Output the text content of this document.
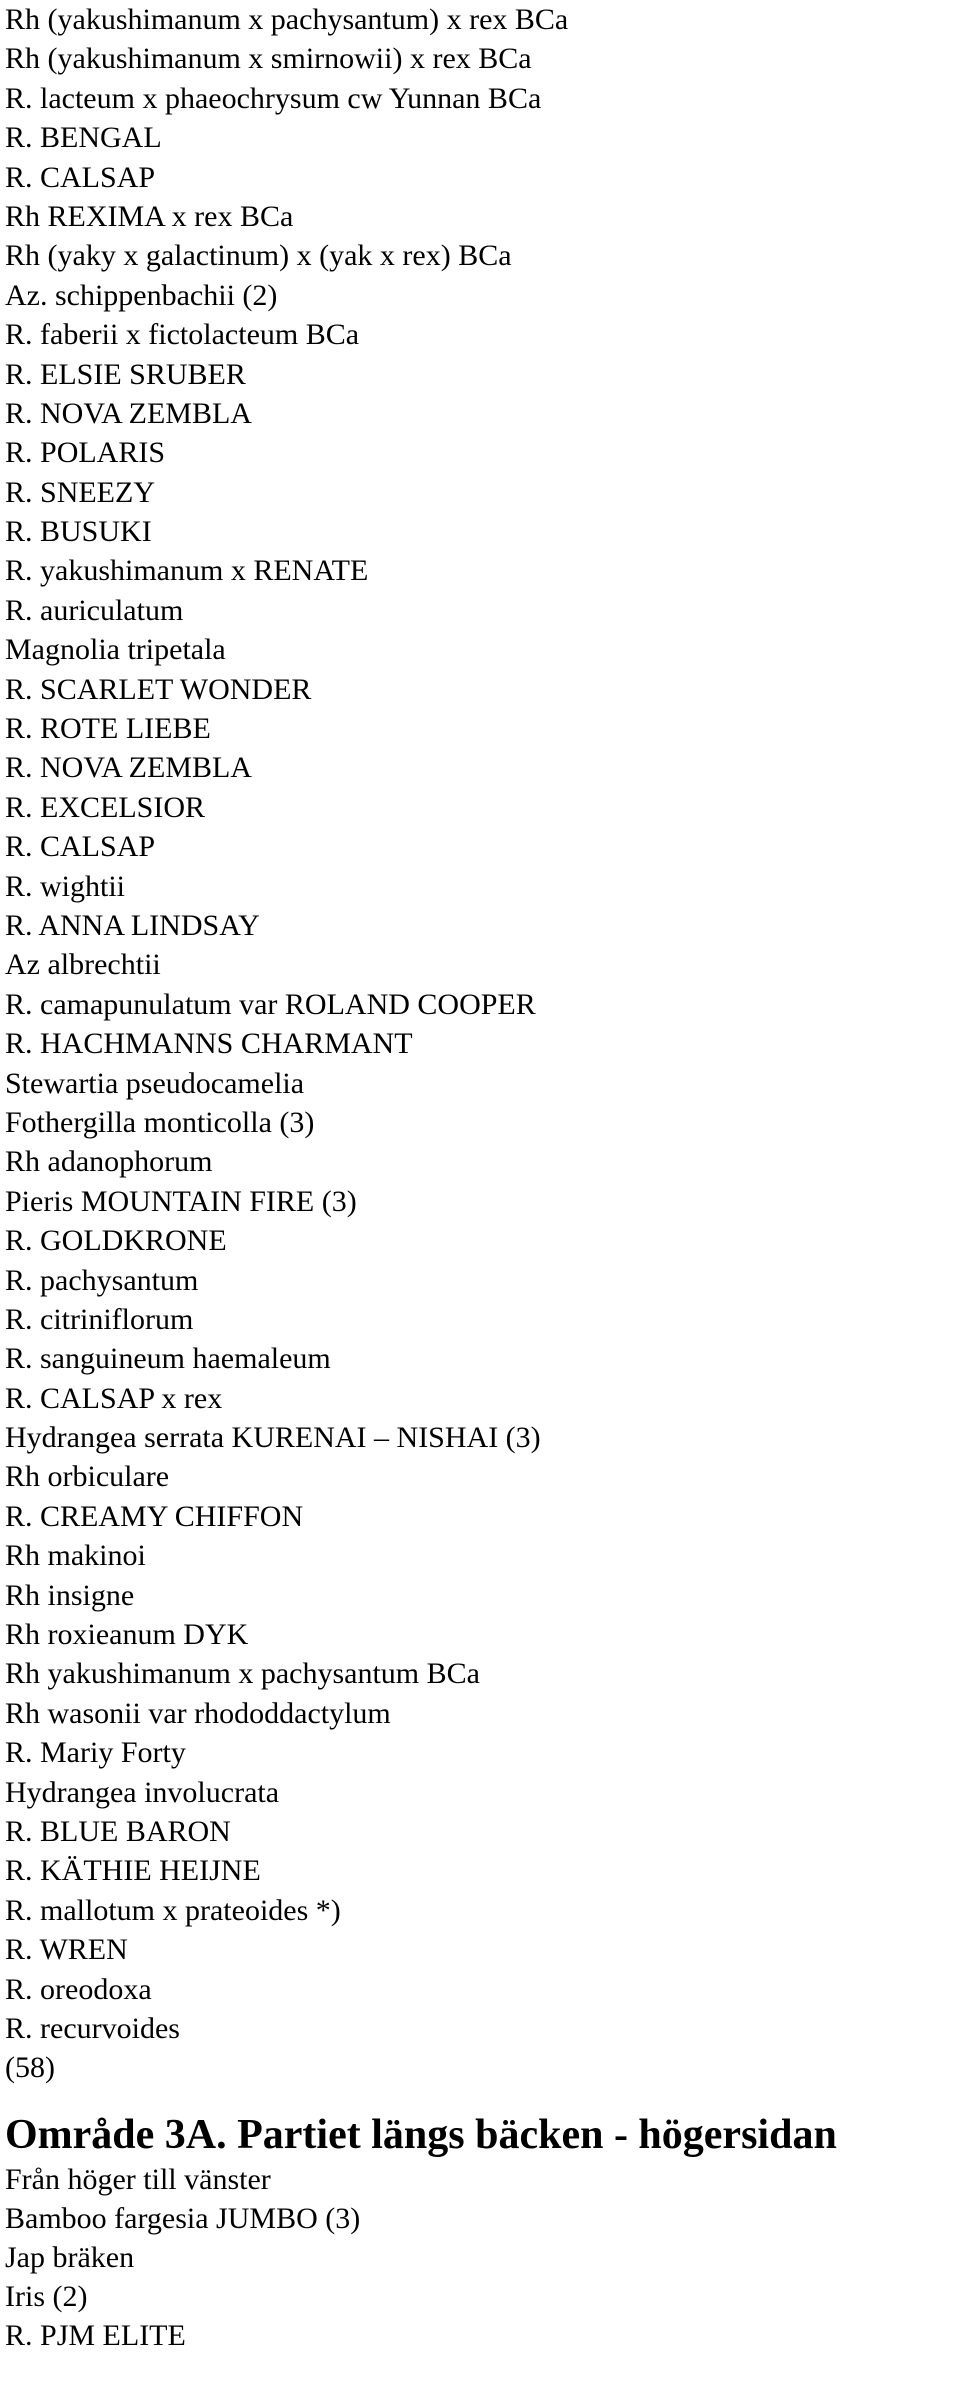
Rh (yakushimanum x pachysantum) x rex BCa
Rh (yakushimanum x smirnowii) x rex BCa
R. lacteum x phaeochrysum cw Yunnan BCa
R. BENGAL
R. CALSAP
Rh REXIMA x rex BCa
Rh (yaky x galactinum) x (yak x rex) BCa
Az. schippenbachii (2)
R. faberii x fictolacteum BCa
R. ELSIE SRUBER
R. NOVA ZEMBLA
R. POLARIS
R. SNEEZY
R. BUSUKI
R. yakushimanum x RENATE
R. auriculatum
Magnolia tripetala
R. SCARLET WONDER
R. ROTE LIEBE
R. NOVA ZEMBLA
R. EXCELSIOR
R. CALSAP
R. wightii
R. ANNA LINDSAY
Az albrechtii
R. camapunulatum var ROLAND COOPER
R. HACHMANNS CHARMANT
Stewartia pseudocamelia
Fothergilla monticolla (3)
Rh adanophorum
Pieris MOUNTAIN FIRE (3)
R. GOLDKRONE
R. pachysantum
R. citriniflorum
R. sanguineum haemaleum
R. CALSAP x rex
Hydrangea serrata KURENAI – NISHAI (3)
Rh orbiculare
R. CREAMY CHIFFON
Rh makinoi
Rh insigne
Rh roxieanum DYK
Rh yakushimanum x pachysantum BCa
Rh wasonii var rhododdactylum
R. Mariy Forty
Hydrangea involucrata
R. BLUE BARON
R. KÄTHIE HEIJNE
R. mallotum x prateoides *)
R. WREN
R. oreodoxa
R. recurvoides
(58)
Område 3A. Partiet längs bäcken - högersidan
Från höger till vänster
Bamboo fargesia JUMBO (3)
Jap bräken
Iris (2)
R. PJM ELITE
